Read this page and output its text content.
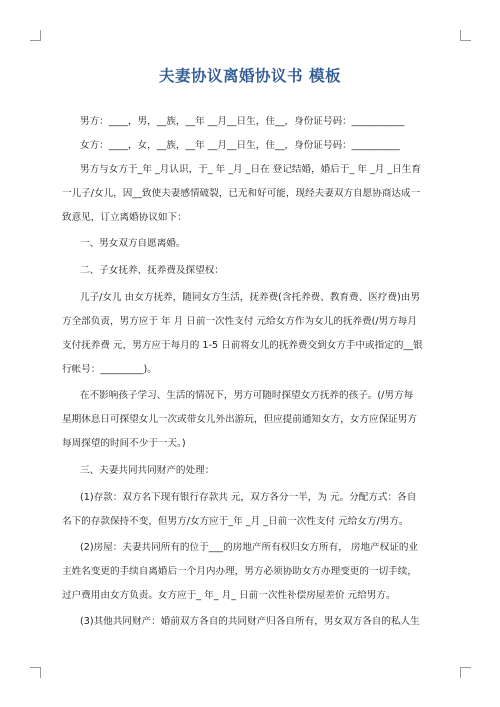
夫妻协议离婚协议书 模板
男方：____，男，__族，__年 __月__日生，住__，身份证号码：___________
女方：____，女，__族，__年 __月__日生，住__，身份证号码：__________
男方与女方于_年 _月认识，于_ 年 _月 _日在 登记结婚，婚后于_ 年 _月 _日生育
一儿子/女儿，因__致使夫妻感情破裂，已无和好可能，现经夫妻双方自愿协商达成一
致意见，订立离婚协议如下：
一、男女双方自愿离婚。
二、子女抚养、抚养费及探望权：
儿子/女儿 由女方抚养，随同女方生活，抚养费(含托养费、教育费、医疗费)由男
方全部负责，男方应于 年 月 日前一次性支付 元给女方作为女儿的抚养费(/男方每月
支付抚养费 元，男方应于每月的 1-5 日前将女儿的抚养费交到女方手中或指定的__银
行帐号：_________)。
在不影响孩子学习、生活的情况下，男方可随时探望女方抚养的孩子。(/男方每
星期休息日可探望女儿一次或带女儿外出游玩，但应提前通知女方，女方应保证男方
每周探望的时间不少于一天。)
三、夫妻共同共同财产的处理：
(1)存款：双方名下现有银行存款共 元，双方各分一半，为 元。分配方式：各自
名下的存款保持不变，但男方/女方应于_年 _月 _日前一次性支付 元给女方/男方。
(2)房屋：夫妻共同所有的位于___的房地产所有权归女方所有， 房地产权证的业
主姓名变更的手续自离婚后一个月内办理，男方必须协助女方办理变更的一切手续，
过户费用由女方负责。女方应于_ 年_ 月_ 日前一次性补偿房屋差价 元给男方。
(3)其他共同财产：婚前双方各自的共同财产归各自所有，男女双方各自的私人生
